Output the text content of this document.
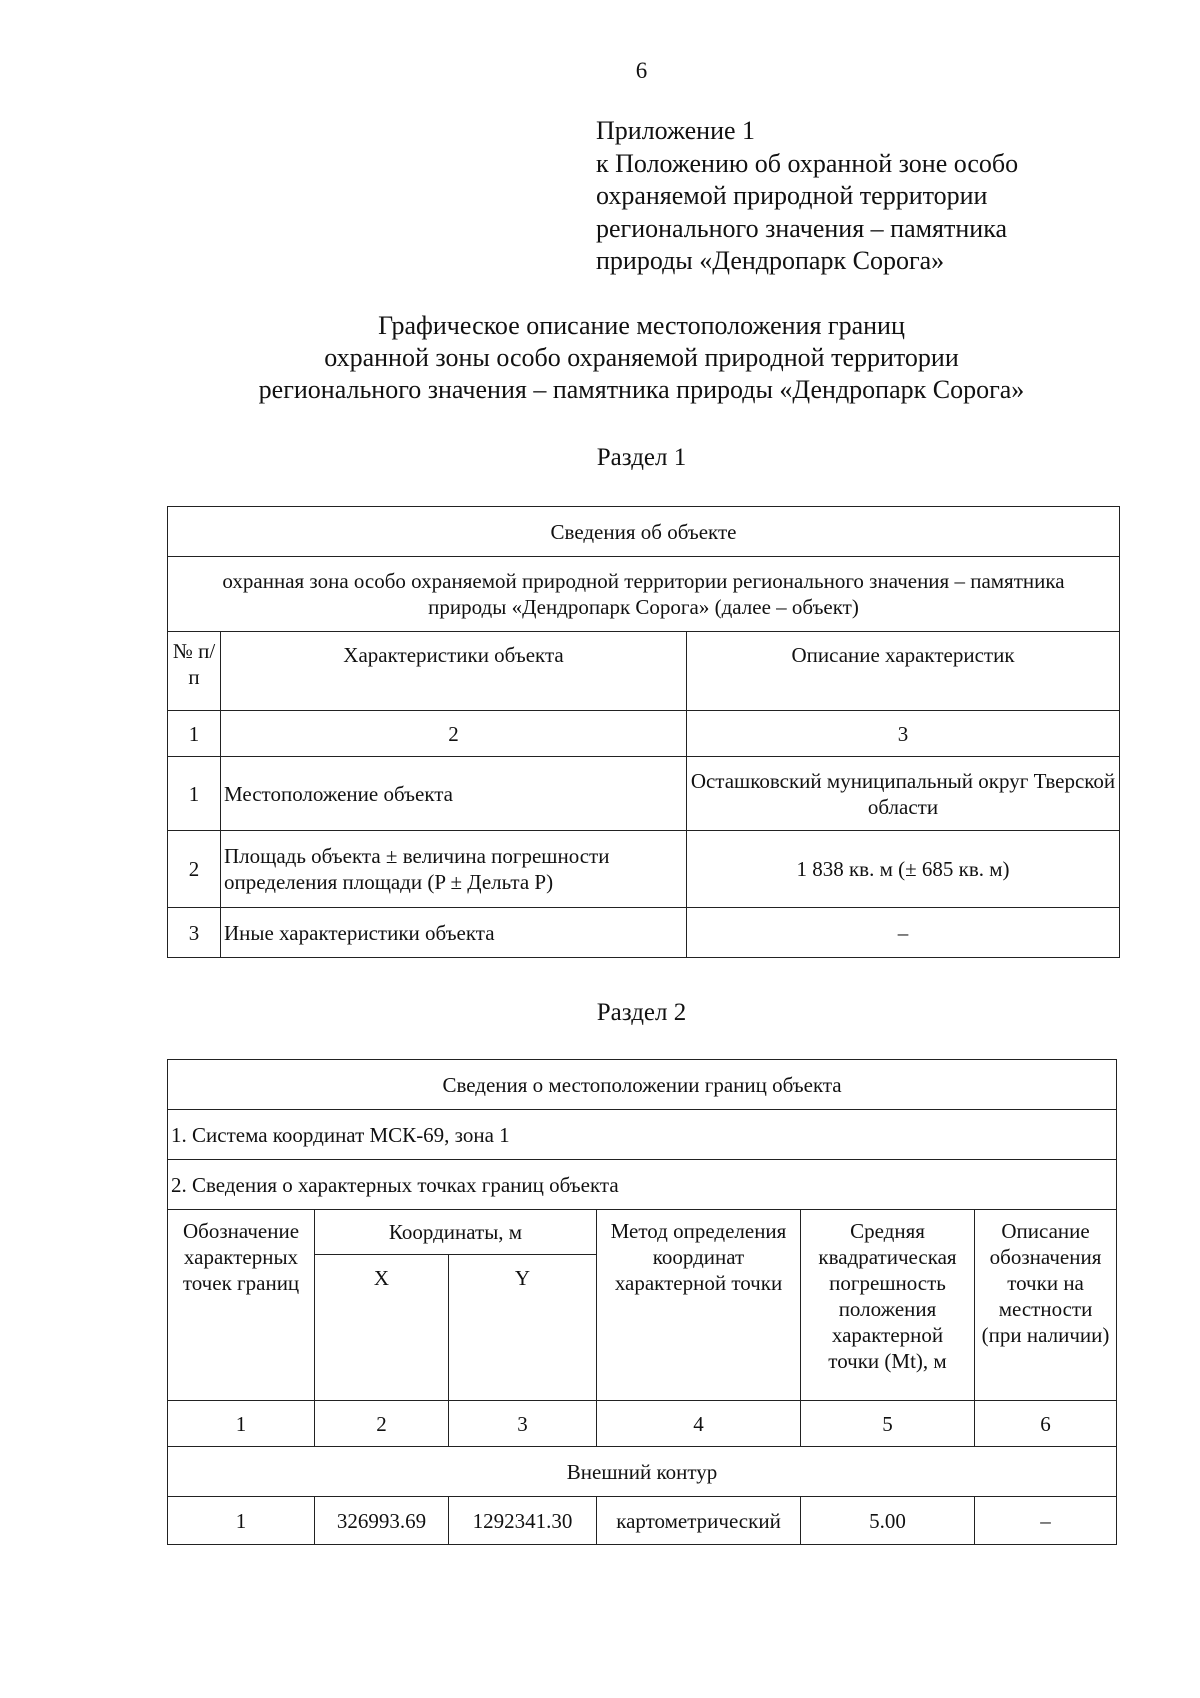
6
Приложение 1
к Положению об охранной зоне особо
охраняемой природной территории
регионального значения – памятника
природы «Дендропарк Сорога»
Графическое описание местоположения границ
охранной зоны особо охраняемой природной территории
регионального значения – памятника природы «Дендропарк Сорога»
Раздел 1
Сведения об объекте		
охранная зона особо охраняемой природной территории регионального значения – памятника природы «Дендропарк Сорога» (далее – объект)		
№ п/п	Характеристики объекта	Описание характеристик
1	2	3
1	Местоположение объекта	Осташковский муниципальный округ Тверской области
2	Площадь объекта ± величина погрешности определения площади (P ± Дельта P)	1 838 кв. м (± 685 кв. м)
3	Иные характеристики объекта	–
Раздел 2
Сведения о местоположении границ объекта					
1. Система координат МСК-69, зона 1					
2. Сведения о характерных точках границ объекта					
Обозначение характерных точек границ	Координаты, м		Метод определения координат характерной точки	Средняя квадратическая погрешность положения характерной точки (Mt), м	Описание обозначения точки на местности (при наличии)
	X	Y			
1	2	3	4	5	6
Внешний контур					
1	326993.69	1292341.30	картометрический	5.00	–
